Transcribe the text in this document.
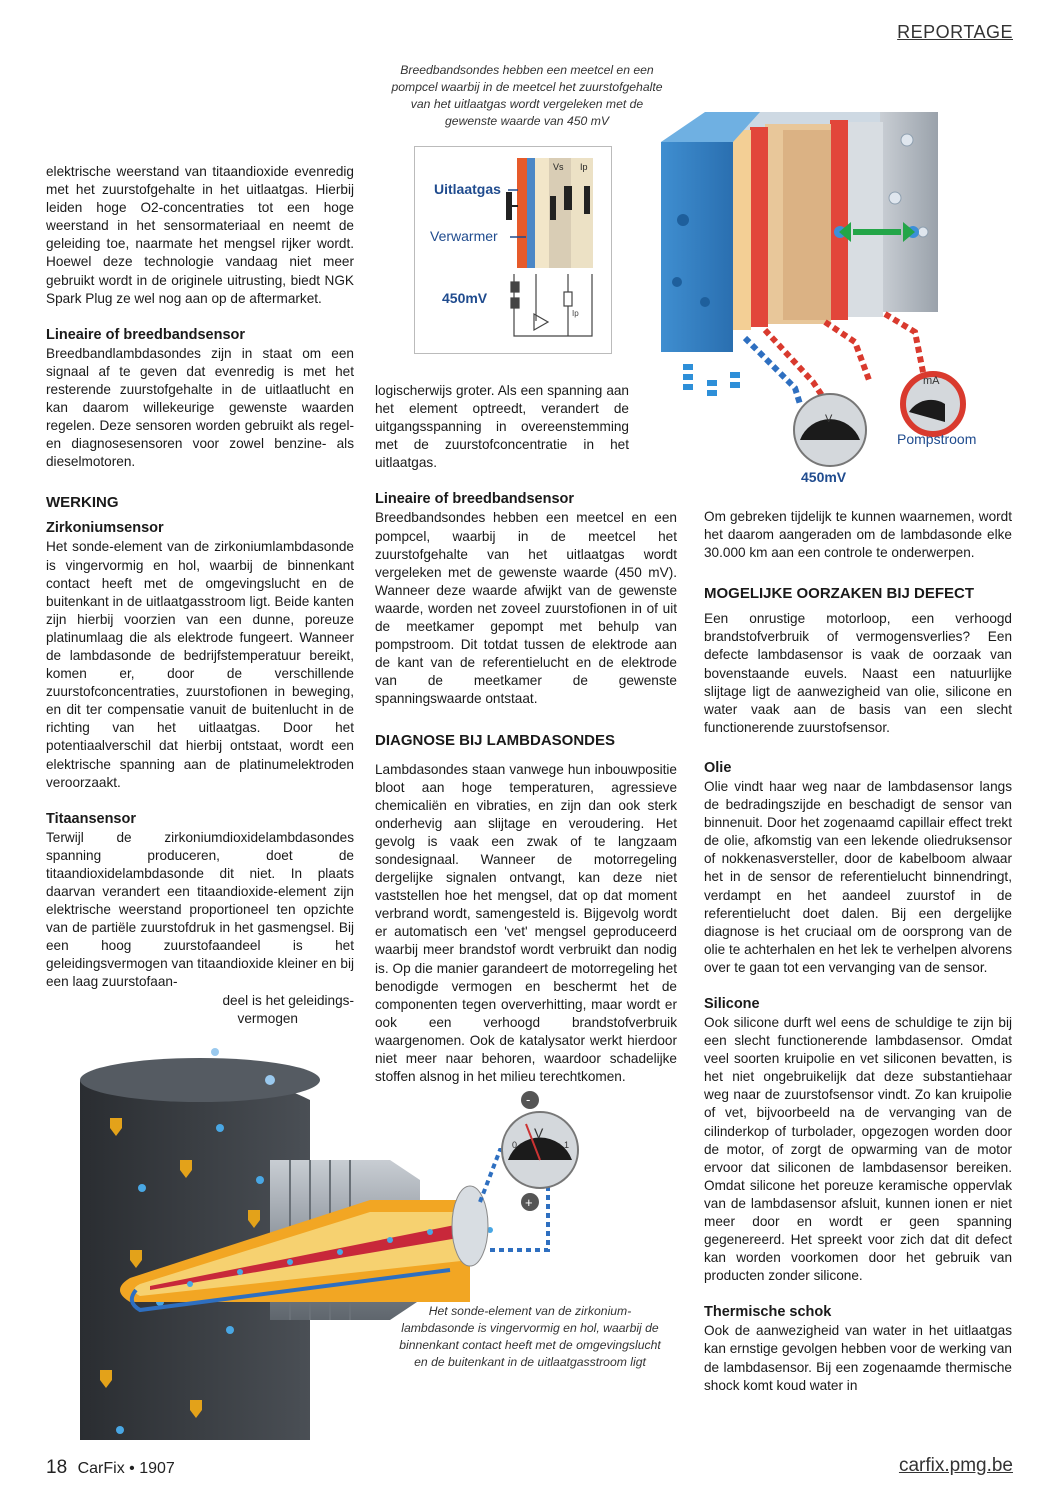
REPORTAGE
Breedbandsondes hebben een meetcel en een
pompcel waarbij in de meetcel het zuurstofgehalte
van het uitlaatgas wordt vergeleken met de
gewenste waarde van 450 mV
Vs Ip
Uitlaatgas
Verwarmer
450mV
Ip
V
mA
Pompstroom
450mV

elektrische weerstand van titaandioxide evenredig met het zuurstofgehalte in het uitlaatgas. Hierbij leiden hoge O2-concentraties tot een hoge weerstand in het sensormateriaal en neemt de geleiding toe, naarmate het mengsel rijker wordt. Hoewel deze technologie vandaag niet meer gebruikt wordt in de originele uitrusting, biedt NGK Spark Plug ze wel nog aan op de aftermarket.

Lineaire of breedbandsensor

Breedbandlambdasondes zijn in staat om een signaal af te geven dat evenredig is met het resterende zuurstofgehalte in de uitlaatlucht en kan daarom willekeurige gewenste waarden regelen. Deze sensoren worden gebruikt als regel- en diagnosesensoren voor zowel benzine- als dieselmotoren.

WERKING
Zirkoniumsensor

Het sonde-element van de zirkoniumlambdasonde is vingervormig en hol, waarbij de binnenkant contact heeft met de omgevingslucht en de buitenkant in de uitlaatgasstroom ligt. Beide kanten zijn hierbij voorzien van een dunne, poreuze platinumlaag die als elektrode fungeert. Wanneer de lambdasonde de bedrijfstemperatuur bereikt, komen er, door de verschillende zuurstofconcentraties, zuurstofionen in beweging, en dit ter compensatie vanuit de buitenlucht in de richting van het uitlaatgas. Door het potentiaalverschil dat hierbij ontstaat, wordt een elektrische spanning aan de platinumelektroden veroorzaakt.

Titaansensor

Terwijl de zirkoniumdioxidelambdasondes spanning produceren, doet de titaandioxidelambdasonde dit niet. In plaats daarvan verandert een titaandioxide-element zijn elektrische weerstand proportioneel ten opzichte van de partiële zuurstofdruk in het gasmengsel. Bij een hoog zuurstofaandeel is het geleidingsvermogen van titaandioxide kleiner en bij een laag zuurstofaan-

deel is het geleidings-

vermogen

logischerwijs groter. Als een spanning aan het element optreedt, verandert de uitgangsspanning in overeenstemming met de zuurstofconcentratie in het uitlaatgas.

Lineaire of breedbandsensor

Breedbandsondes hebben een meetcel en een pompcel, waarbij in de meetcel het zuurstofgehalte van het uitlaatgas wordt vergeleken met de gewenste waarde (450 mV). Wanneer deze waarde afwijkt van de gewenste waarde, worden net zoveel zuurstofionen in of uit de meetkamer gepompt met behulp van pompstroom. Dit totdat tussen de elektrode aan de kant van de referentielucht en de elektrode van de meetkamer de gewenste spanningswaarde ontstaat.

DIAGNOSE BIJ LAMBDASONDES

Lambdasondes staan vanwege hun inbouwpositie bloot aan hoge temperaturen, agressieve chemicaliën en vibraties, en zijn dan ook sterk onderhevig aan slijtage en veroudering. Het gevolg is vaak een zwak of te langzaam sondesignaal. Wanneer de motorregeling dergelijke signalen ontvangt, kan deze niet vaststellen hoe het mengsel, dat op dat moment verbrand wordt, samengesteld is. Bijgevolg wordt er automatisch een 'vet' mengsel geproduceerd waarbij meer brandstof wordt verbruikt dan nodig is. Op die manier garandeert de motorregeling het benodigde vermogen en beschermt het de componenten tegen oververhitting, maar wordt er ook een verhoogd brandstofverbruik waargenomen. Ook de katalysator werkt hierdoor niet meer naar behoren, waardoor schadelijke stoffen alsnog in het milieu terechtkomen.

Om gebreken tijdelijk te kunnen waarnemen, wordt het daarom aangeraden om de lambdasonde elke 30.000 km aan een controle te onderwerpen.

MOGELIJKE OORZAKEN BIJ DEFECT

Een onrustige motorloop, een verhoogd brandstofverbruik of vermogensverlies? Een defecte lambdasensor is vaak de oorzaak van bovenstaande euvels. Naast een natuurlijke slijtage ligt de aanwezigheid van olie, silicone en water vaak aan de basis van een slecht functionerende zuurstofsensor.

Olie

Olie vindt haar weg naar de lambdasensor langs de bedradingszijde en beschadigt de sensor van binnenuit. Door het zogenaamd capillair effect trekt de olie, afkomstig van een lekende oliedruksensor of nokkenasversteller, door de kabelboom alwaar het in de sensor de referentielucht binnendringt, verdampt en het aandeel zuurstof in de referentielucht doet dalen. Bij een dergelijke diagnose is het cruciaal om de oorsprong van de olie te achterhalen en het lek te verhelpen alvorens over te gaan tot een vervanging van de sensor.

Silicone

Ook silicone durft wel eens de schuldige te zijn bij een slecht functionerende lambdasensor. Omdat veel soorten kruipolie en vet siliconen bevatten, is het niet ongebruikelijk dat deze substantiehaar weg naar de zuurstofsensor vindt. Zo kan kruipolie of vet, bijvoorbeeld na de vervanging van de cilinderkop of turbolader, opgezogen worden door de motor, of zorgt de opwarming van de motor ervoor dat siliconen de lambdasensor bereiken. Omdat silicone het poreuze keramische oppervlak van de lambdasensor afsluit, kunnen ionen er niet meer door en wordt er geen spanning gegenereerd. Het spreekt voor zich dat dit defect kan worden voorkomen door het gebruik van producten zonder silicone.

Thermische schok

Ook de aanwezigheid van water in het uitlaatgas kan ernstige gevolgen hebben voor de werking van de lambdasensor. Bij een zogenaamde thermische shock komt koud water in

V
0	1
-
+
Het sonde-element van de zirkonium-
lambdasonde is vingervormig en hol, waarbij de
binnenkant contact heeft met de omgevingslucht
en de buitenkant in de uitlaatgasstroom ligt
18 CarFix • 1907	carfix.pmg.be
